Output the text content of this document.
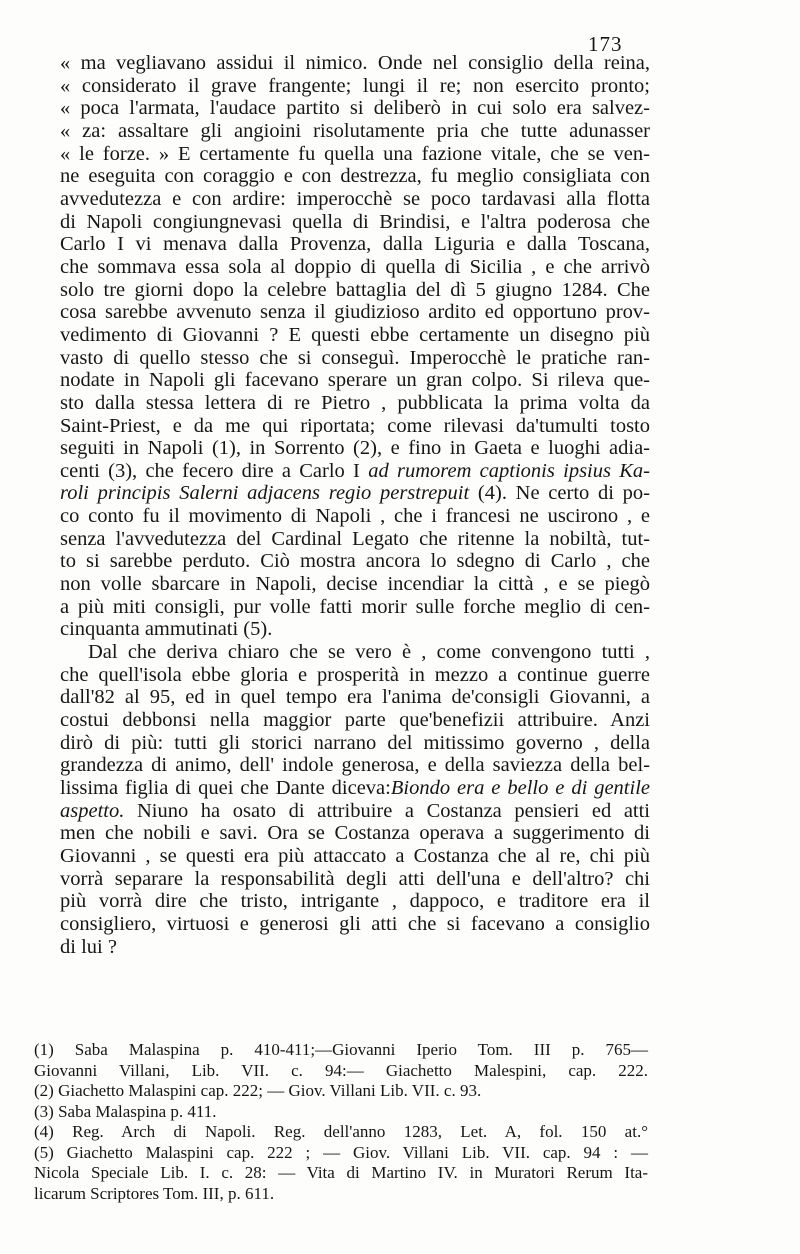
173
« ma vegliavano assidui il nimico. Onde nel consiglio della reina,
« considerato il grave frangente; lungi il re; non esercito pronto;
« poca l'armata, l'audace partito si deliberò in cui solo era salvez-
« za: assaltare gli angioini risolutamente pria che tutte adunasser
« le forze. » E certamente fu quella una fazione vitale, che se ven-
ne eseguita con coraggio e con destrezza, fu meglio consigliata con
avvedutezza e con ardire: imperocchè se poco tardavasi alla flotta
di Napoli congiungnevasi quella di Brindisi, e l'altra poderosa che
Carlo I vi menava dalla Provenza, dalla Liguria e dalla Toscana,
che sommava essa sola al doppio di quella di Sicilia , e che arrivò
solo tre giorni dopo la celebre battaglia del dì 5 giugno 1284. Che
cosa sarebbe avvenuto senza il giudizioso ardito ed opportuno prov-
vedimento di Giovanni ? E questi ebbe certamente un disegno più
vasto di quello stesso che si conseguì. Imperocchè le pratiche ran-
nodate in Napoli gli facevano sperare un gran colpo. Si rileva que-
sto dalla stessa lettera di re Pietro , pubblicata la prima volta da
Saint-Priest, e da me qui riportata; come rilevasi da'tumulti tosto
seguiti in Napoli (1), in Sorrento (2), e fino in Gaeta e luoghi adia-
centi (3), che fecero dire a Carlo I ad rumorem captionis ipsius Ka-
roli principis Salerni adjacens regio perstrepuit (4). Ne certo di po-
co conto fu il movimento di Napoli , che i francesi ne uscirono , e
senza l'avvedutezza del Cardinal Legato che ritenne la nobiltà, tut-
to si sarebbe perduto. Ciò mostra ancora lo sdegno di Carlo , che
non volle sbarcare in Napoli, decise incendiar la città , e se piegò
a più miti consigli, pur volle fatti morir sulle forche meglio di cen-
cinquanta ammutinati (5).
Dal che deriva chiaro che se vero è , come convengono tutti ,
che quell'isola ebbe gloria e prosperità in mezzo a continue guerre
dall'82 al 95, ed in quel tempo era l'anima de'consigli Giovanni, a
costui debbonsi nella maggior parte que'benefizii attribuire. Anzi
dirò di più: tutti gli storici narrano del mitissimo governo , della
grandezza di animo, dell' indole generosa, e della saviezza della bel-
lissima figlia di quei che Dante diceva:Biondo era e bello e di gentile
aspetto. Niuno ha osato di attribuire a Costanza pensieri ed atti
men che nobili e savi. Ora se Costanza operava a suggerimento di
Giovanni , se questi era più attaccato a Costanza che al re, chi più
vorrà separare la responsabilità degli atti dell'una e dell'altro? chi
più vorrà dire che tristo, intrigante , dappoco, e traditore era il
consigliero, virtuosi e generosi gli atti che si facevano a consiglio
di lui ?
(1) Saba Malaspina p. 410-411;—Giovanni Iperio Tom. III p. 765—
Giovanni Villani, Lib. VII. c. 94:— Giachetto Malespini, cap. 222.
(2) Giachetto Malaspini cap. 222; — Giov. Villani Lib. VII. c. 93.
(3) Saba Malaspina p. 411.
(4) Reg. Arch di Napoli. Reg. dell'anno 1283, Let. A, fol. 150 at.°
(5) Giachetto Malaspini cap. 222 ; — Giov. Villani Lib. VII. cap. 94 : —
Nicola Speciale Lib. I. c. 28: — Vita di Martino IV. in Muratori Rerum Ita-
licarum Scriptores Tom. III, p. 611.
